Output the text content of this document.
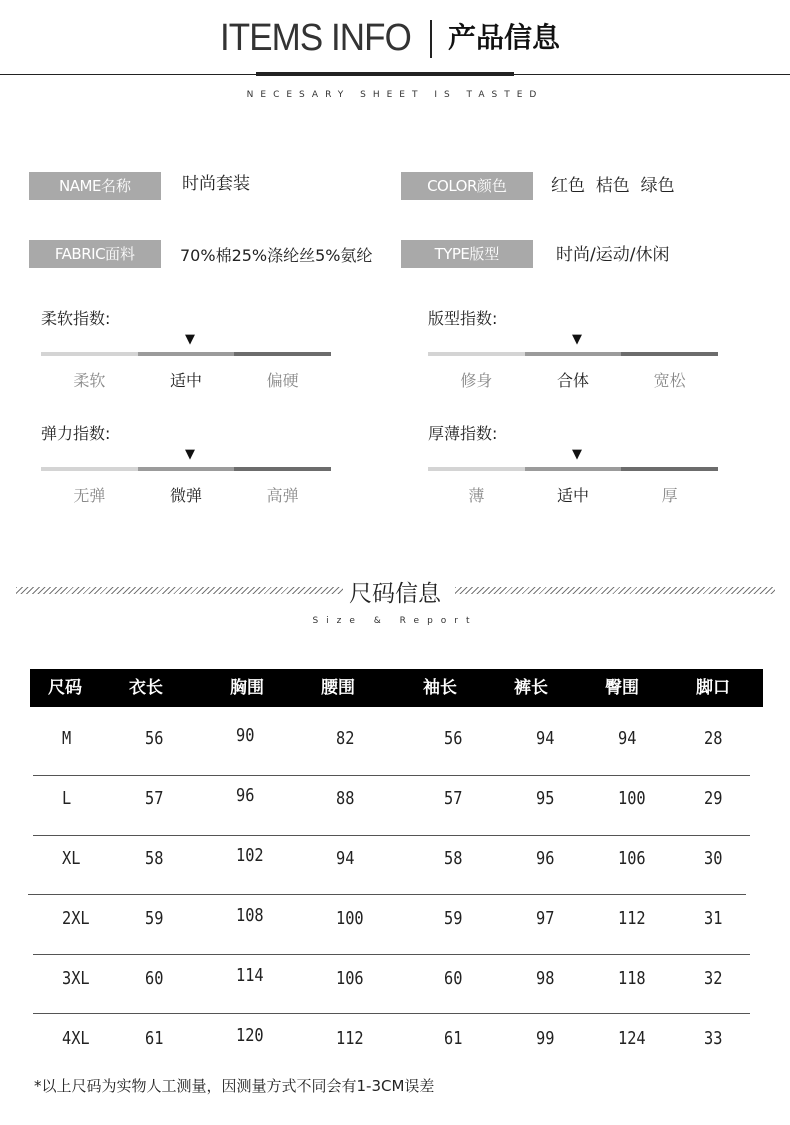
ITEMS INFO 产品信息
NECESARY SHEET IS TASTED
NAME名称	时尚套装	COLOR颜色	红色  桔色  绿色
FABRIC面料	70%棉25%涤纶丝5%氨纶	TYPE版型	时尚/运动/休闲
柔软指数:
▼
柔软	适中	偏硬
版型指数:
▼
修身	合体	宽松
弹力指数:
▼
无弹	微弹	高弹
厚薄指数:
▼
薄	适中	厚
尺码信息
Size & Report
尺码	衣长	胸围	腰围	袖长	裤长	臀围	脚口
M	56	90	82	56	94	94	28
L	57	96	88	57	95	100	29
XL	58	102	94	58	96	106	30
2XL	59	108	100	59	97	112	31
3XL	60	114	106	60	98	118	32
4XL	61	120	112	61	99	124	33
*以上尺码为实物人工测量，因测量方式不同会有1-3CM误差
